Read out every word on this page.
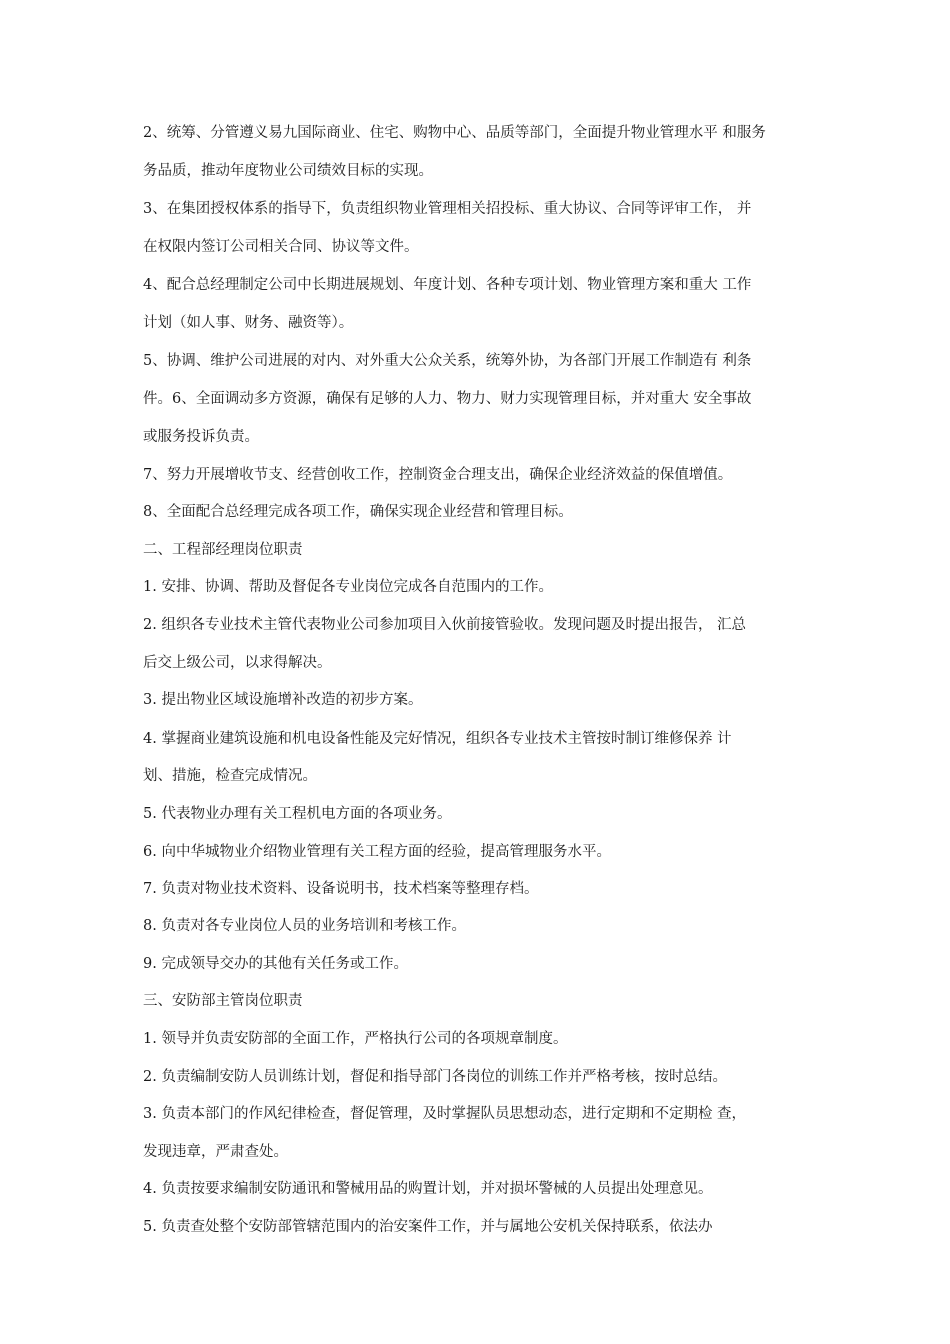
2、统筹、分管遵义易九国际商业、住宅、购物中心、品质等部门，全面提升物业管理水平 和服务
务品质，推动年度物业公司绩效目标的实现。
3、在集团授权体系的指导下，负责组织物业管理相关招投标、重大协议、合同等评审工作， 并
在权限内签订公司相关合同、协议等文件。
4、配合总经理制定公司中长期进展规划、年度计划、各种专项计划、物业管理方案和重大 工作
计划（如人事、财务、融资等）。
5、协调、维护公司进展的对内、对外重大公众关系，统筹外协，为各部门开展工作制造有 利条
件。6、全面调动多方资源，确保有足够的人力、物力、财力实现管理目标，并对重大 安全事故
或服务投诉负责。
7、努力开展增收节支、经营创收工作，控制资金合理支出，确保企业经济效益的保值增值。
8、全面配合总经理完成各项工作，确保实现企业经营和管理目标。
二、工程部经理岗位职责
1. 安排、协调、帮助及督促各专业岗位完成各自范围内的工作。
2. 组织各专业技术主管代表物业公司参加项目入伙前接管验收。发现问题及时提出报告， 汇总
后交上级公司，以求得解决。
3. 提出物业区域设施增补改造的初步方案。
4. 掌握商业建筑设施和机电设备性能及完好情况，组织各专业技术主管按时制订维修保养 计
划、措施，检查完成情况。
5. 代表物业办理有关工程机电方面的各项业务。
6. 向中华城物业介绍物业管理有关工程方面的经验，提高管理服务水平。
7. 负责对物业技术资料、设备说明书，技术档案等整理存档。
8. 负责对各专业岗位人员的业务培训和考核工作。
9. 完成领导交办的其他有关任务或工作。
三、安防部主管岗位职责
1. 领导并负责安防部的全面工作，严格执行公司的各项规章制度。
2. 负责编制安防人员训练计划，督促和指导部门各岗位的训练工作并严格考核，按时总结。
3. 负责本部门的作风纪律检查，督促管理，及时掌握队员思想动态，进行定期和不定期检 查，
发现违章，严肃查处。
4. 负责按要求编制安防通讯和警械用品的购置计划，并对损坏警械的人员提出处理意见。
5. 负责查处整个安防部管辖范围内的治安案件工作，并与属地公安机关保持联系，依法办
